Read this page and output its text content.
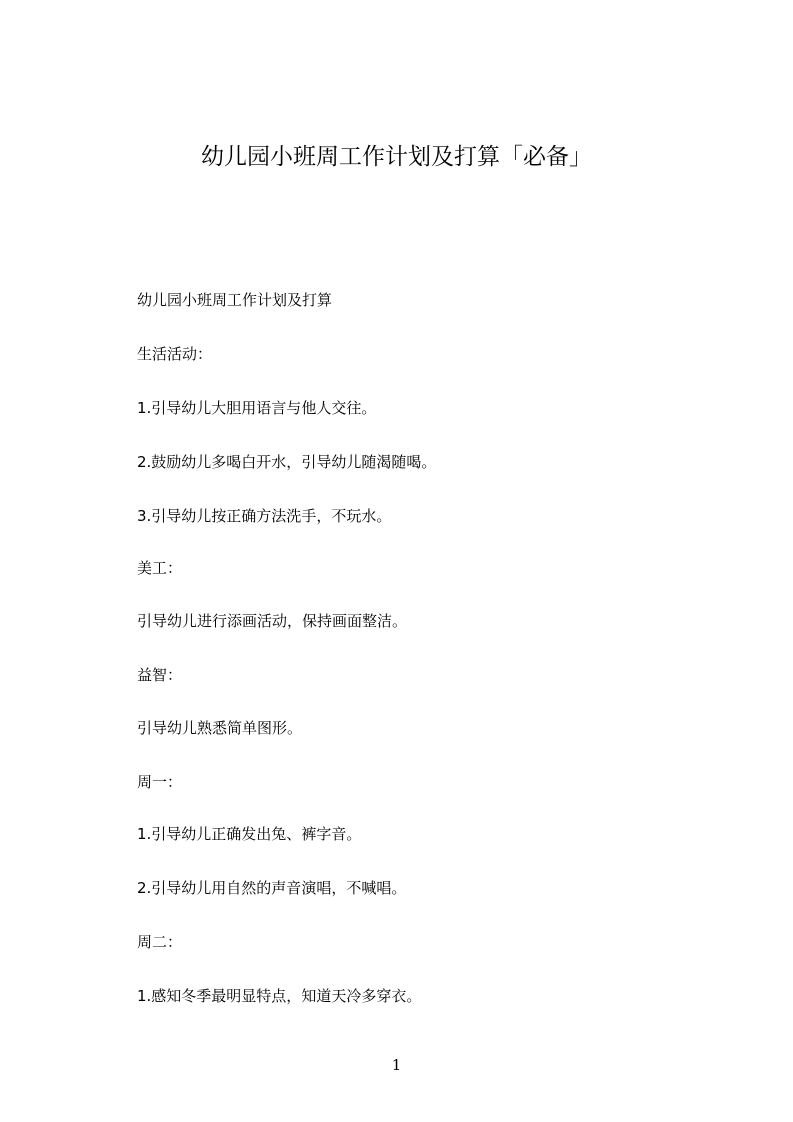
幼儿园小班周工作计划及打算「必备」
幼儿园小班周工作计划及打算
生活活动：
1.引导幼儿大胆用语言与他人交往。
2.鼓励幼儿多喝白开水，引导幼儿随渴随喝。
3.引导幼儿按正确方法洗手，不玩水。
美工：
引导幼儿进行添画活动，保持画面整洁。
益智：
引导幼儿熟悉简单图形。
周一：
1.引导幼儿正确发出兔、裤字音。
2.引导幼儿用自然的声音演唱，不喊唱。
周二：
1.感知冬季最明显特点，知道天冷多穿衣。
1
